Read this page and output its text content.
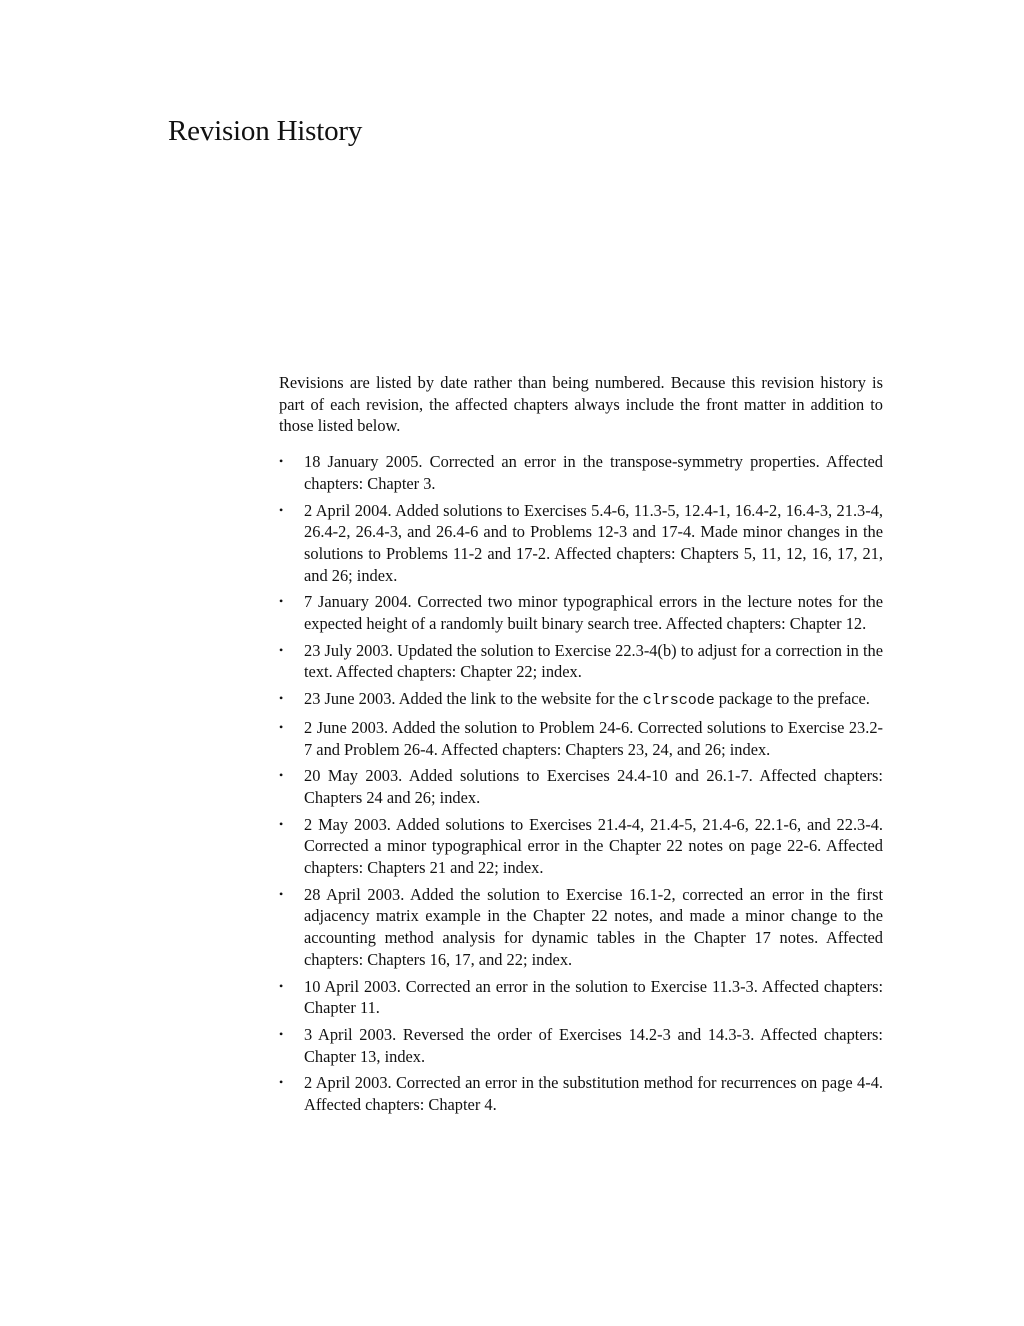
Revision History

Revisions are listed by date rather than being numbered. Because this revision history is part of each revision, the affected chapters always include the front matter in addition to those listed below.

• 18 January 2005. Corrected an error in the transpose-symmetry properties. Affected chapters: Chapter 3.
• 2 April 2004. Added solutions to Exercises 5.4-6, 11.3-5, 12.4-1, 16.4-2, 16.4-3, 21.3-4, 26.4-2, 26.4-3, and 26.4-6 and to Problems 12-3 and 17-4. Made minor changes in the solutions to Problems 11-2 and 17-2. Affected chapters: Chapters 5, 11, 12, 16, 17, 21, and 26; index.
• 7 January 2004. Corrected two minor typographical errors in the lecture notes for the expected height of a randomly built binary search tree. Affected chapters: Chapter 12.
• 23 July 2003. Updated the solution to Exercise 22.3-4(b) to adjust for a correction in the text. Affected chapters: Chapter 22; index.
• 23 June 2003. Added the link to the website for the clrscode package to the preface.
• 2 June 2003. Added the solution to Problem 24-6. Corrected solutions to Exercise 23.2-7 and Problem 26-4. Affected chapters: Chapters 23, 24, and 26; index.
• 20 May 2003. Added solutions to Exercises 24.4-10 and 26.1-7. Affected chapters: Chapters 24 and 26; index.
• 2 May 2003. Added solutions to Exercises 21.4-4, 21.4-5, 21.4-6, 22.1-6, and 22.3-4. Corrected a minor typographical error in the Chapter 22 notes on page 22-6. Affected chapters: Chapters 21 and 22; index.
• 28 April 2003. Added the solution to Exercise 16.1-2, corrected an error in the first adjacency matrix example in the Chapter 22 notes, and made a minor change to the accounting method analysis for dynamic tables in the Chapter 17 notes. Affected chapters: Chapters 16, 17, and 22; index.
• 10 April 2003. Corrected an error in the solution to Exercise 11.3-3. Affected chapters: Chapter 11.
• 3 April 2003. Reversed the order of Exercises 14.2-3 and 14.3-3. Affected chapters: Chapter 13, index.
• 2 April 2003. Corrected an error in the substitution method for recurrences on page 4-4. Affected chapters: Chapter 4.
